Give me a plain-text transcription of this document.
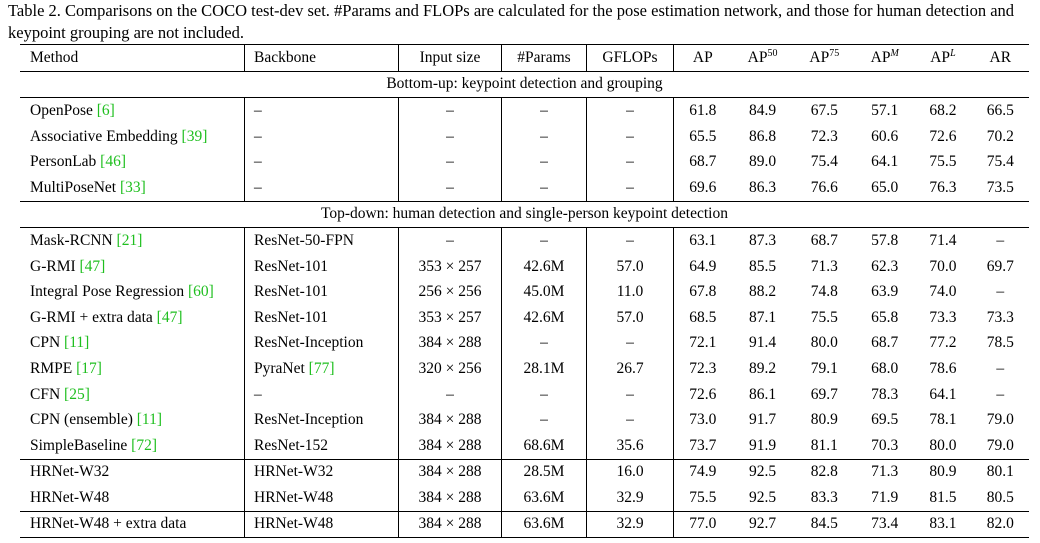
Table 2. Comparisons on the COCO test-dev set. #Params and FLOPs are calculated for the pose estimation network, and those for human detection and keypoint grouping are not included.
Method	Backbone	Input size	#Params	GFLOPs	AP	AP$^{50}$	AP$^{75}$	$AP^M$	$AP^L$	AR
Bottom-up: keypoint detection and grouping										
OpenPose [6]	–	–	–	–	61.8	84.9	67.5	57.1	68.2	66.5
Associative Embedding [39]	–	–	–	–	65.5	86.8	72.3	60.6	72.6	70.2
PersonLab [46]	–	–	–	–	68.7	89.0	75.4	64.1	75.5	75.4
MultiPoseNet [33]	–	–	–	–	69.6	86.3	76.6	65.0	76.3	73.5
Top-down: human detection and single-person keypoint detection										
Mask-RCNN [21]	ResNet-50-FPN	–	–	–	63.1	87.3	68.7	57.8	71.4	–
G-RMI [47]	ResNet-101	353 × 257	42.6M	57.0	64.9	85.5	71.3	62.3	70.0	69.7
Integral Pose Regression [60]	ResNet-101	256 × 256	45.0M	11.0	67.8	88.2	74.8	63.9	74.0	–
G-RMI + extra data [47]	ResNet-101	353 × 257	42.6M	57.0	68.5	87.1	75.5	65.8	73.3	73.3
CPN [11]	ResNet-Inception	384 × 288	–	–	72.1	91.4	80.0	68.7	77.2	78.5
RMPE [17]	PyraNet [77]	320 × 256	28.1M	26.7	72.3	89.2	79.1	68.0	78.6	–
CFN [25]	–	–	–	–	72.6	86.1	69.7	78.3	64.1	–
CPN (ensemble) [11]	ResNet-Inception	384 × 288	–	–	73.0	91.7	80.9	69.5	78.1	79.0
SimpleBaseline [72]	ResNet-152	384 × 288	68.6M	35.6	73.7	91.9	81.1	70.3	80.0	79.0
HRNet-W32	HRNet-W32	384 × 288	28.5M	16.0	74.9	92.5	82.8	71.3	80.9	80.1
HRNet-W48	HRNet-W48	384 × 288	63.6M	32.9	75.5	92.5	83.3	71.9	81.5	80.5
HRNet-W48 + extra data	HRNet-W48	384 × 288	63.6M	32.9	77.0	92.7	84.5	73.4	83.1	82.0
